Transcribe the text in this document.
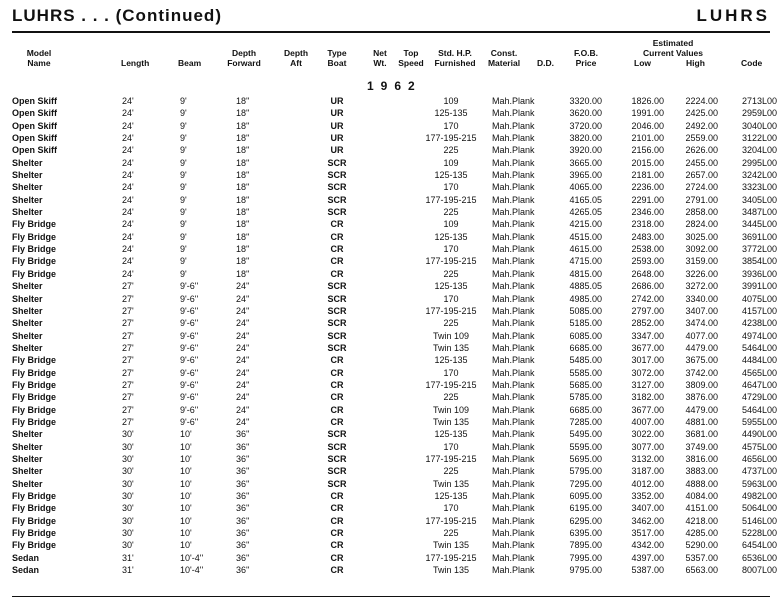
LUHRS . . . (Continued)	LUHRS
Model
Name	Length	Beam
Depth
Forward
Depth
Aft
Type
Boat
Net
Wt.
Top
Speed
Std. H.P.
Furnished
Const.
Material	D.D.
F.O.B.
Price
Estimated
Current Values
Low	High	Code
1962
Open Skiff	24'	9'	18''	UR	109	Mah.Plank	3320.00	1826.00	2224.00	2713L00
Open Skiff	24'	9'	18''	UR	125-135	Mah.Plank	3620.00	1991.00	2425.00	2959L00
Open Skiff	24'	9'	18''	UR	170	Mah.Plank	3720.00	2046.00	2492.00	3040L00
Open Skiff	24'	9'	18''	UR	177-195-215	Mah.Plank	3820.00	2101.00	2559.00	3122L00
Open Skiff	24'	9'	18''	UR	225	Mah.Plank	3920.00	2156.00	2626.00	3204L00
Shelter	24'	9'	18''	SCR	109	Mah.Plank	3665.00	2015.00	2455.00	2995L00
Shelter	24'	9'	18''	SCR	125-135	Mah.Plank	3965.00	2181.00	2657.00	3242L00
Shelter	24'	9'	18''	SCR	170	Mah.Plank	4065.00	2236.00	2724.00	3323L00
Shelter	24'	9'	18''	SCR	177-195-215	Mah.Plank	4165.05	2291.00	2791.00	3405L00
Shelter	24'	9'	18''	SCR	225	Mah.Plank	4265.05	2346.00	2858.00	3487L00
Fly Bridge	24'	9'	18''	CR	109	Mah.Plank	4215.00	2318.00	2824.00	3445L00
Fly Bridge	24'	9'	18''	CR	125-135	Mah.Plank	4515.00	2483.00	3025.00	3691L00
Fly Bridge	24'	9'	18''	CR	170	Mah.Plank	4615.00	2538.00	3092.00	3772L00
Fly Bridge	24'	9'	18''	CR	177-195-215	Mah.Plank	4715.00	2593.00	3159.00	3854L00
Fly Bridge	24'	9'	18''	CR	225	Mah.Plank	4815.00	2648.00	3226.00	3936L00
Shelter	27'	9'-6''	24''	SCR	125-135	Mah.Plank	4885.05	2686.00	3272.00	3991L00
Shelter	27'	9'-6''	24''	SCR	170	Mah.Plank	4985.00	2742.00	3340.00	4075L00
Shelter	27'	9'-6''	24''	SCR	177-195-215	Mah.Plank	5085.00	2797.00	3407.00	4157L00
Shelter	27'	9'-6''	24''	SCR	225	Mah.Plank	5185.00	2852.00	3474.00	4238L00
Shelter	27'	9'-6''	24''	SCR	Twin 109	Mah.Plank	6085.00	3347.00	4077.00	4974L00
Shelter	27'	9'-6''	24''	SCR	Twin 135	Mah.Plank	6685.00	3677.00	4479.00	5464L00
Fly Bridge	27'	9'-6''	24''	CR	125-135	Mah.Plank	5485.00	3017.00	3675.00	4484L00
Fly Bridge	27'	9'-6''	24''	CR	170	Mah.Plank	5585.00	3072.00	3742.00	4565L00
Fly Bridge	27'	9'-6''	24''	CR	177-195-215	Mah.Plank	5685.00	3127.00	3809.00	4647L00
Fly Bridge	27'	9'-6''	24''	CR	225	Mah.Plank	5785.00	3182.00	3876.00	4729L00
Fly Bridge	27'	9'-6''	24''	CR	Twin 109	Mah.Plank	6685.00	3677.00	4479.00	5464L00
Fly Bridge	27'	9'-6''	24''	CR	Twin 135	Mah.Plank	7285.00	4007.00	4881.00	5955L00
Shelter	30'	10'	36''	SCR	125-135	Mah.Plank	5495.00	3022.00	3681.00	4490L00
Shelter	30'	10'	36''	SCR	170	Mah.Plank	5595.00	3077.00	3749.00	4575L00
Shelter	30'	10'	36''	SCR	177-195-215	Mah.Plank	5695.00	3132.00	3816.00	4656L00
Shelter	30'	10'	36''	SCR	225	Mah.Plank	5795.00	3187.00	3883.00	4737L00
Shelter	30'	10'	36''	SCR	Twin 135	Mah.Plank	7295.00	4012.00	4888.00	5963L00
Fly Bridge	30'	10'	36''	CR	125-135	Mah.Plank	6095.00	3352.00	4084.00	4982L00
Fly Bridge	30'	10'	36''	CR	170	Mah.Plank	6195.00	3407.00	4151.00	5064L00
Fly Bridge	30'	10'	36''	CR	177-195-215	Mah.Plank	6295.00	3462.00	4218.00	5146L00
Fly Bridge	30'	10'	36''	CR	225	Mah.Plank	6395.00	3517.00	4285.00	5228L00
Fly Bridge	30'	10'	36''	CR	Twin 135	Mah.Plank	7895.00	4342.00	5290.00	6454L00
Sedan	31'	10'-4''	36''	CR	177-195-215	Mah.Plank	7995.00	4397.00	5357.00	6536L00
Sedan	31'	10'-4''	36''	CR	Twin 135	Mah.Plank	9795.00	5387.00	6563.00	8007L00
